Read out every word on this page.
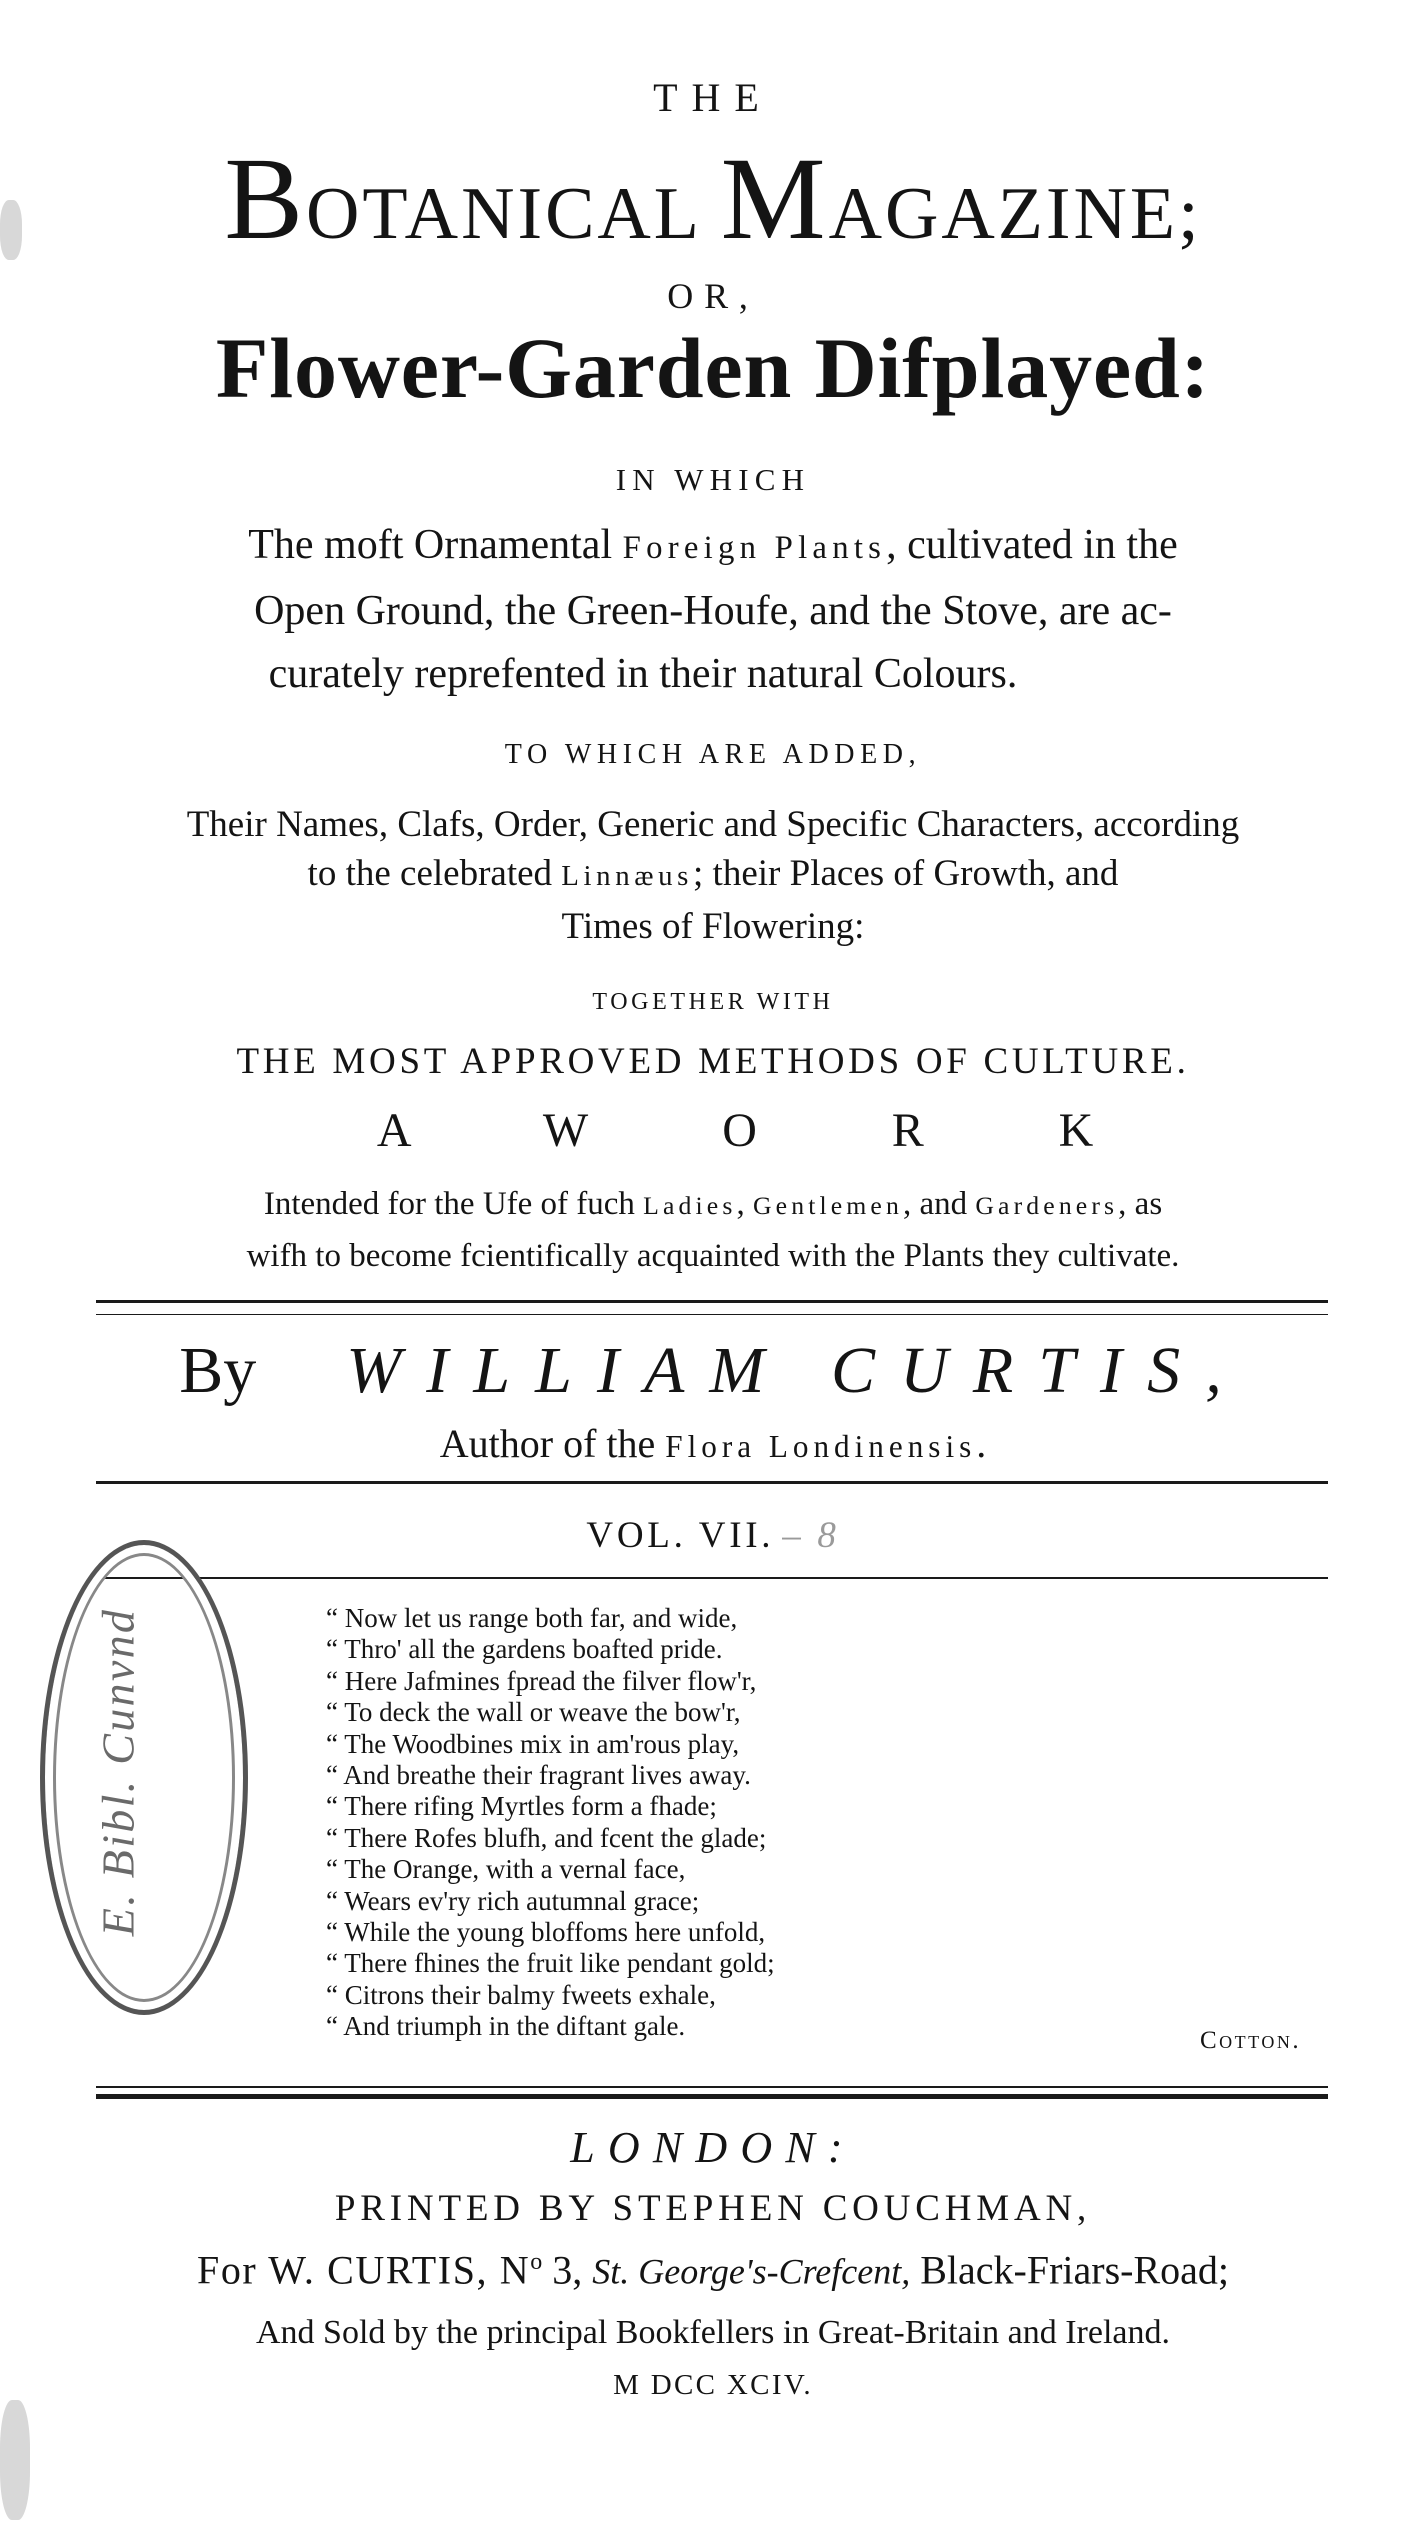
THE
BOTANICAL MAGAZINE;
OR,
Flower-Garden Difplayed:
IN WHICH
The moft Ornamental Foreign Plants, cultivated in the
Open Ground, the Green-Houfe, and the Stove, are ac-
curately reprefented in their natural Colours.
TO WHICH ARE ADDED,
Their Names, Clafs, Order, Generic and Specific Characters, according
to the celebrated Linnæus; their Places of Growth, and
Times of Flowering:
TOGETHER WITH
THE MOST APPROVED METHODS OF CULTURE.
A W O R K
Intended for the Ufe of fuch Ladies, Gentlemen, and Gardeners, as
wifh to become fcientifically acquainted with the Plants they cultivate.
By WILLIAM CURTIS,
Author of the Flora Londinensis.
VOL. VII. – 8
E. Bibl. Cunvnd	“ Now let us range both far, and wide,
“ Thro' all the gardens boafted pride.
“ Here Jafmines fpread the filver flow'r,
“ To deck the wall or weave the bow'r,
“ The Woodbines mix in am'rous play,
“ And breathe their fragrant lives away.
“ There rifing Myrtles form a fhade;
“ There Rofes blufh, and fcent the glade;
“ The Orange, with a vernal face,
“ Wears ev'ry rich autumnal grace;
“ While the young bloffoms here unfold,
“ There fhines the fruit like pendant gold;
“ Citrons their balmy fweets exhale,
“ And triumph in the diftant gale.	Cotton.
LONDON:
PRINTED BY STEPHEN COUCHMAN,
For W. CURTIS, $N^o$ 3, St. George's-Crefcent, Black-Friars-Road;
And Sold by the principal Bookfellers in Great-Britain and Ireland.
M DCC XCIV.
